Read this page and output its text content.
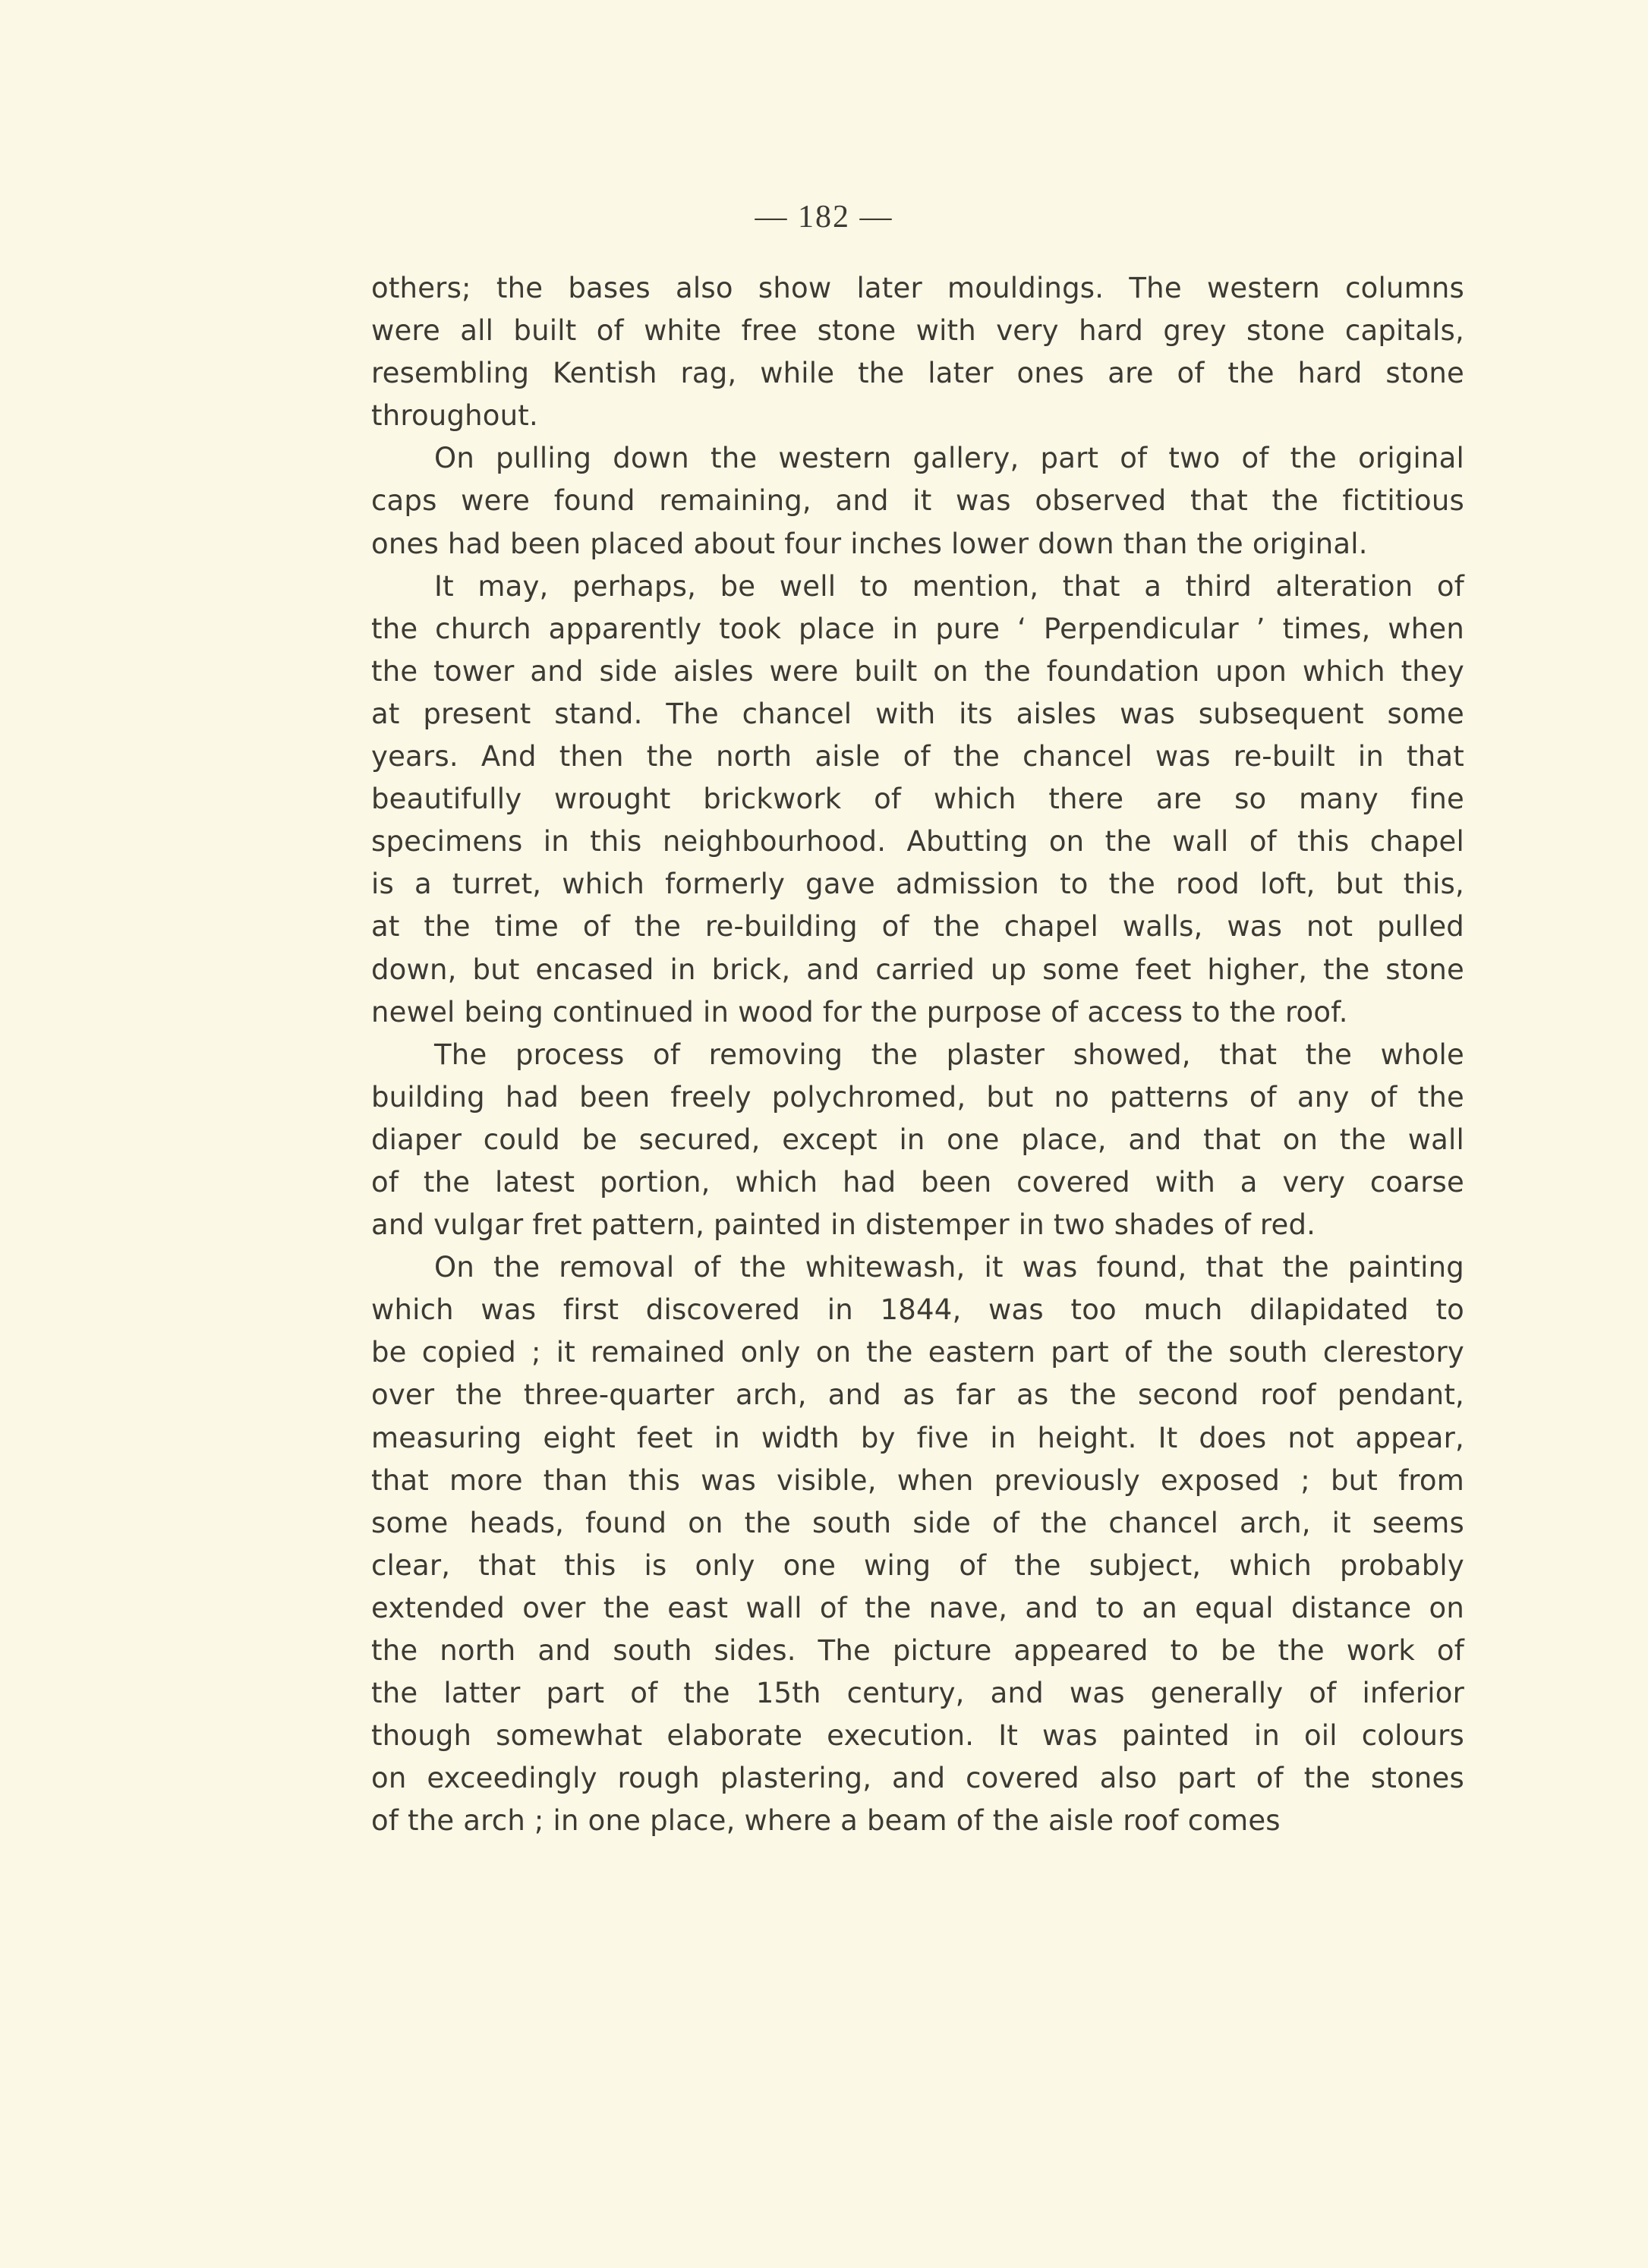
— 182 —
others; the bases also show later mouldings. The western columns
were all built of white free stone with very hard grey stone capitals,
resembling Kentish rag, while the later ones are of the hard stone
throughout.
On pulling down the western gallery, part of two of the original
caps were found remaining, and it was observed that the fictitious
ones had been placed about four inches lower down than the original.
It may, perhaps, be well to mention, that a third alteration of
the church apparently took place in pure ‘ Perpendicular ’ times, when
the tower and side aisles were built on the foundation upon which they
at present stand. The chancel with its aisles was subsequent some
years. And then the north aisle of the chancel was re-built in that
beautifully wrought brickwork of which there are so many fine
specimens in this neighbourhood. Abutting on the wall of this chapel
is a turret, which formerly gave admission to the rood loft, but this,
at the time of the re-building of the chapel walls, was not pulled
down, but encased in brick, and carried up some feet higher, the stone
newel being continued in wood for the purpose of access to the roof.
The process of removing the plaster showed, that the whole
building had been freely polychromed, but no patterns of any of the
diaper could be secured, except in one place, and that on the wall
of the latest portion, which had been covered with a very coarse
and vulgar fret pattern, painted in distemper in two shades of red.
On the removal of the whitewash, it was found, that the painting
which was first discovered in 1844, was too much dilapidated to
be copied ; it remained only on the eastern part of the south clerestory
over the three-quarter arch, and as far as the second roof pendant,
measuring eight feet in width by five in height. It does not appear,
that more than this was visible, when previously exposed ; but from
some heads, found on the south side of the chancel arch, it seems
clear, that this is only one wing of the subject, which probably
extended over the east wall of the nave, and to an equal distance on
the north and south sides. The picture appeared to be the work of
the latter part of the 15th century, and was generally of inferior
though somewhat elaborate execution. It was painted in oil colours
on exceedingly rough plastering, and covered also part of the stones
of the arch ; in one place, where a beam of the aisle roof comes
